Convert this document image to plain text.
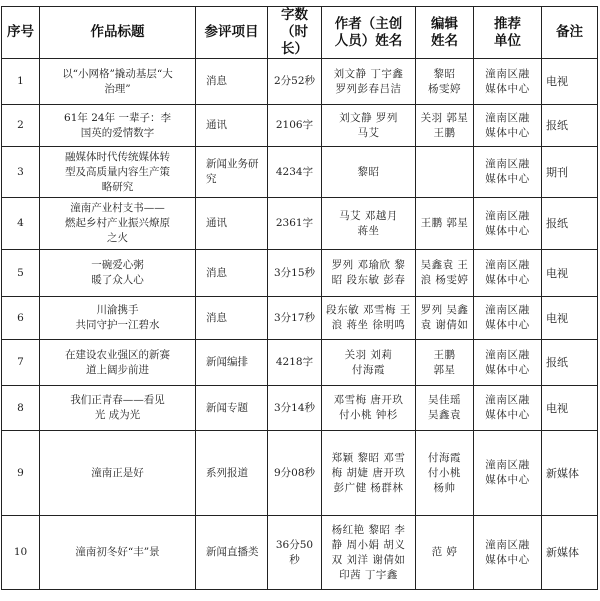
序号	作品标题	参评项目	字数
（时长）	作者（主创
人员）姓名	编辑
姓名	推荐
单位	备注
1	以“小网格”撬动基层“大
治理”	消息	2分52秒	刘文静 丁宇鑫
罗列彭春吕洁	黎昭
杨雯婷	潼南区融
媒体中心	电视
2	61年 24年 一辈子：李
国英的爱情数字	通讯	2106字	刘文静 罗列
马艾	关羽 郭星
王鹏	潼南区融
媒体中心	报纸
3	融媒体时代传统媒体转
型及高质量内容生产策
略研究	新闻业务研究	4234字	黎昭		潼南区融
媒体中心	期刊
4	潼南产业村支书——
燃起乡村产业振兴燎原
之火	通讯	2361字	马艾 邓越月
蒋坐	王鹏 郭星	潼南区融
媒体中心	报纸
5	一碗爱心粥
暖了众人心	消息	3分15秒	罗列 邓瑜欣 黎
昭 段东敏 彭春	吴鑫袁 王
浪 杨雯婷	潼南区融
媒体中心	电视
6	川渝携手
共同守护一江碧水	消息	3分17秒	段东敏 邓雪梅 王
浪 蒋坐 徐明鸣	罗列 吴鑫
袁 谢倩如	潼南区融
媒体中心	电视
7	在建设农业强区的新赛
道上阔步前进	新闻编排	4218字	关羽 刘莉
付海霞	王鹏
郭星	潼南区融
媒体中心	报纸
8	我们正青春——看见
光 成为光	新闻专题	3分14秒	邓雪梅 唐开玖
付小桃 钟杉	吴佳瑶
吴鑫袁	潼南区融
媒体中心	电视
9	潼南正是好	系列报道	9分08秒	郑颖 黎昭 邓雪
梅 胡婕 唐开玖
彭广健 杨群林	付海霞
付小桃
杨帅	潼南区融
媒体中心	新媒体
10	潼南初冬好“丰”景	新闻直播类	36分50秒	杨红艳 黎昭 李
静 周小娟 胡义
双 刘洋 谢倩如
印茜 丁宇鑫	范 婷	潼南区融
媒体中心	新媒体
